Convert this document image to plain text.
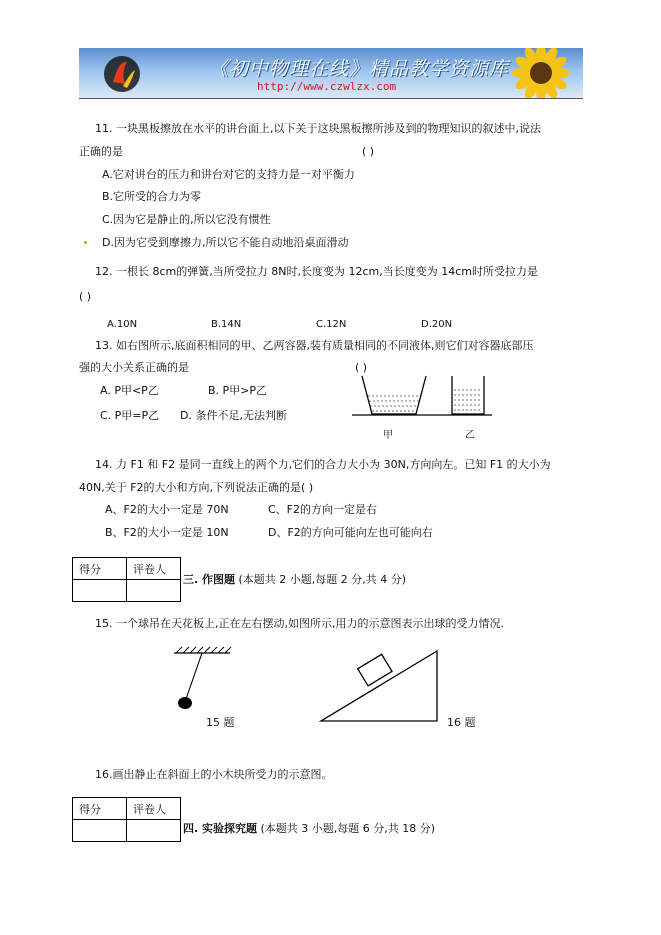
《初中物理在线》精品教学资源库
http://www.czwlzx.com
11. 一块黑板擦放在水平的讲台面上,以下关于这块黑板擦所涉及到的物理知识的叙述中,说法
正确的是	( )
A.它对讲台的压力和讲台对它的支持力是一对平衡力
B.它所受的合力为零
C.因为它是静止的,所以它没有惯性
D.因为它受到摩擦力,所以它不能自动地沿桌面滑动
12. 一根长 8cm的弹簧,当所受拉力 8N时,长度变为 12cm,当长度变为 14cm时所受拉力是
( )
A.10N	B.14N	C.12N	D.20N
13. 如右图所示,底面积相同的甲、乙两容器,装有质量相同的不同液体,则它们对容器底部压
强的大小关系正确的是	( )
A. P甲<P乙	B. P甲>P乙
C. P甲=P乙 D. 条件不足,无法判断
甲	乙
14. 力 F1 和 F2 是同一直线上的两个力,它们的合力大小为 30N,方向向左。已知 F1 的大小为
40N,关于 F2的大小和方向,下列说法正确的是( )
A、F2的大小一定是 70N	C、F2的方向一定是右
B、F2的大小一定是 10N	D、F2的方向可能向左也可能向右
得分	评卷人

三. 作图题 (本题共 2 小题,每题 2 分,共 4 分)
15. 一个球吊在天花板上,正在左右摆动,如图所示,用力的示意图表示出球的受力情况.
15 题	16 题
16.画出静止在斜面上的小木块所受力的示意图。
得分	评卷人

四. 实验探究题 (本题共 3 小题,每题 6 分,共 18 分)
